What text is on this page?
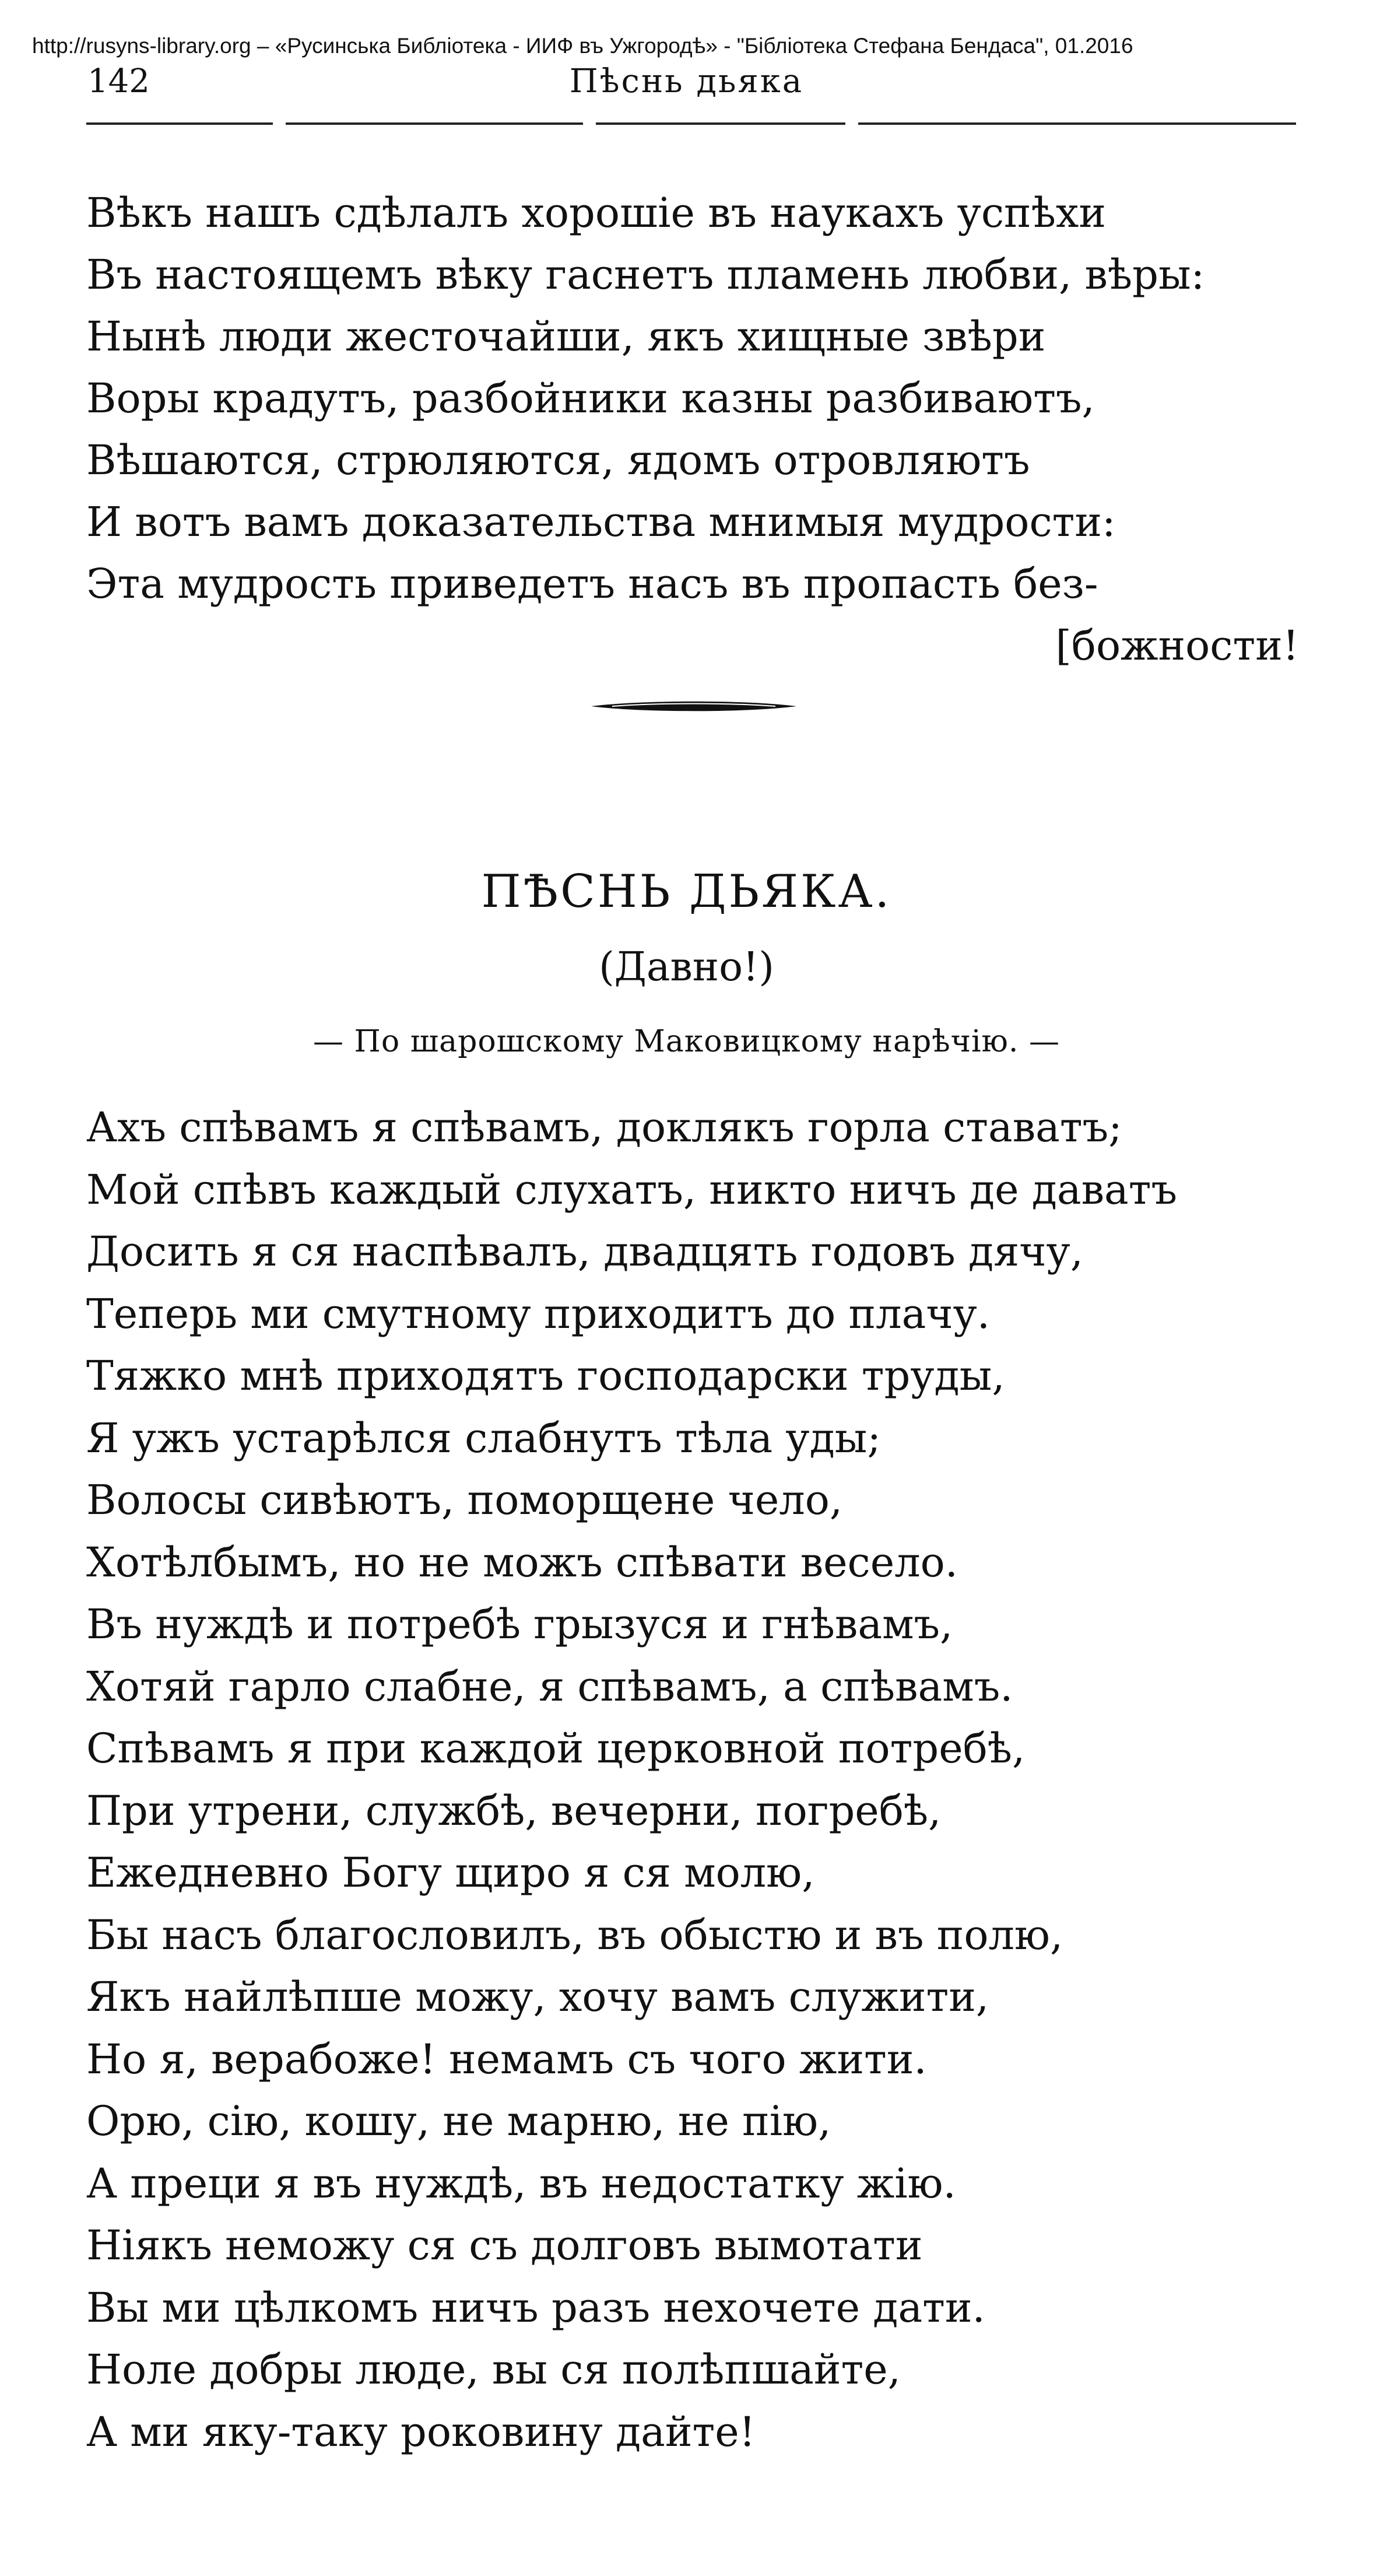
http://rusyns-library.org – «Русинська Библіотека - ИИФ въ Ужгородѣ» - "Бібліотека Стефана Бендаса", 01.2016
142	Пѣснь дьяка
Вѣкъ нашъ сдѣлалъ хорошіе въ наукахъ успѣхи
Въ настоящемъ вѣку гаснетъ пламень любви, вѣры:
Нынѣ люди жесточайши, якъ хищные звѣри
Воры крадутъ, разбойники казны разбиваютъ,
Вѣшаются, стрюляются, ядомъ отровляютъ
И вотъ вамъ доказательства мнимыя мудрости:
Эта мудрость приведетъ насъ въ пропасть без-
[божности!
ПѢСНЬ ДЬЯКА.
(Давно!)
— По шарошскому Маковицкому нарѣчію. —
Ахъ спѣвамъ я спѣвамъ, доклякъ горла ставатъ;
Мой спѣвъ каждый слухатъ, никто ничъ де даватъ
Досить я ся наспѣвалъ, двадцять годовъ дячу,
Теперь ми смутному приходитъ до плачу.
Тяжко мнѣ приходятъ господарски труды,
Я ужъ устарѣлся слабнутъ тѣла уды;
Волосы сивѣютъ, поморщене чело,
Хотѣлбымъ, но не можъ спѣвати весело.
Въ нуждѣ и потребѣ грызуся и гнѣвамъ,
Хотяй гарло слабне, я спѣвамъ, а спѣвамъ.
Спѣвамъ я при каждой церковной потребѣ,
При утрени, службѣ, вечерни, погребѣ,
Ежедневно Богу щиро я ся молю,
Бы насъ благословилъ, въ обыстю и въ полю,
Якъ найлѣпше можу, хочу вамъ служити,
Но я, верабоже! немамъ съ чого жити.
Орю, сію, кошу, не марню, не пію,
А преци я въ нуждѣ, въ недостатку жію.
Ніякъ неможу ся съ долговъ вымотати
Вы ми цѣлкомъ ничъ разъ нехочете дати.
Ноле добры люде, вы ся полѣпшайте,
А ми яку-таку роковину дайте!
